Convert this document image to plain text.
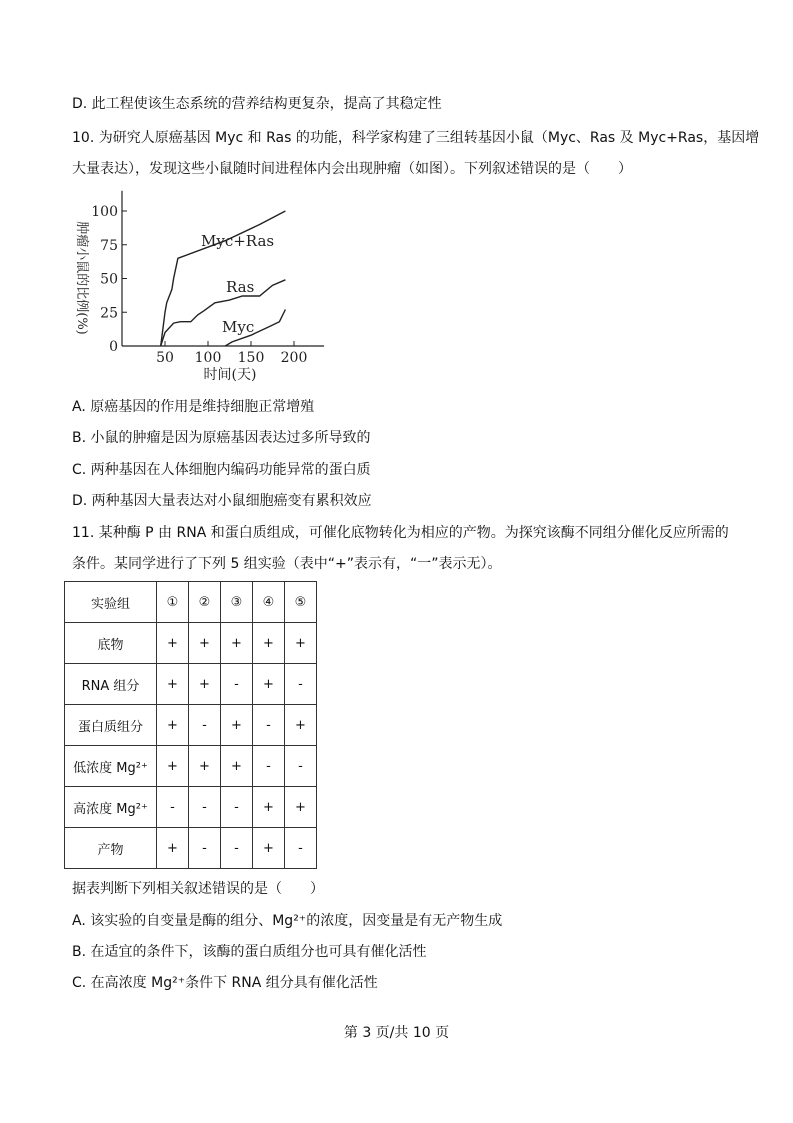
D. 此工程使该生态系统的营养结构更复杂，提高了其稳定性
10. 为研究人原癌基因 Myc 和 Ras 的功能，科学家构建了三组转基因小鼠（Myc、Ras 及 Myc+Ras，基因增
大量表达），发现这些小鼠随时间进程体内会出现肿瘤（如图）。下列叙述错误的是（　　）
0
25
50
75
100
50 100 150 200
Myc+Ras
Ras
Myc
肿瘤小鼠的比例(%)
时间(天)
A. 原癌基因的作用是维持细胞正常增殖
B. 小鼠的肿瘤是因为原癌基因表达过多所导致的
C. 两种基因在人体细胞内编码功能异常的蛋白质
D. 两种基因大量表达对小鼠细胞癌变有累积效应
11. 某种酶 P 由 RNA 和蛋白质组成，可催化底物转化为相应的产物。为探究该酶不同组分催化反应所需的
条件。某同学进行了下列 5 组实验（表中“+”表示有，“一”表示无）。
实验组	①	②	③	④	⑤
底物	+	+	+	+	+
RNA 组分	+	+	-	+	-
蛋白质组分	+	-	+	-	+
低浓度 Mg²⁺	+	+	+	-	-
高浓度 Mg²⁺	-	-	-	+	+
产物	+	-	-	+	-
据表判断下列相关叙述错误的是（　　）
A. 该实验的自变量是酶的组分、Mg²⁺的浓度，因变量是有无产物生成
B. 在适宜的条件下，该酶的蛋白质组分也可具有催化活性
C. 在高浓度 Mg²⁺条件下 RNA 组分具有催化活性
第 3 页/共 10 页
